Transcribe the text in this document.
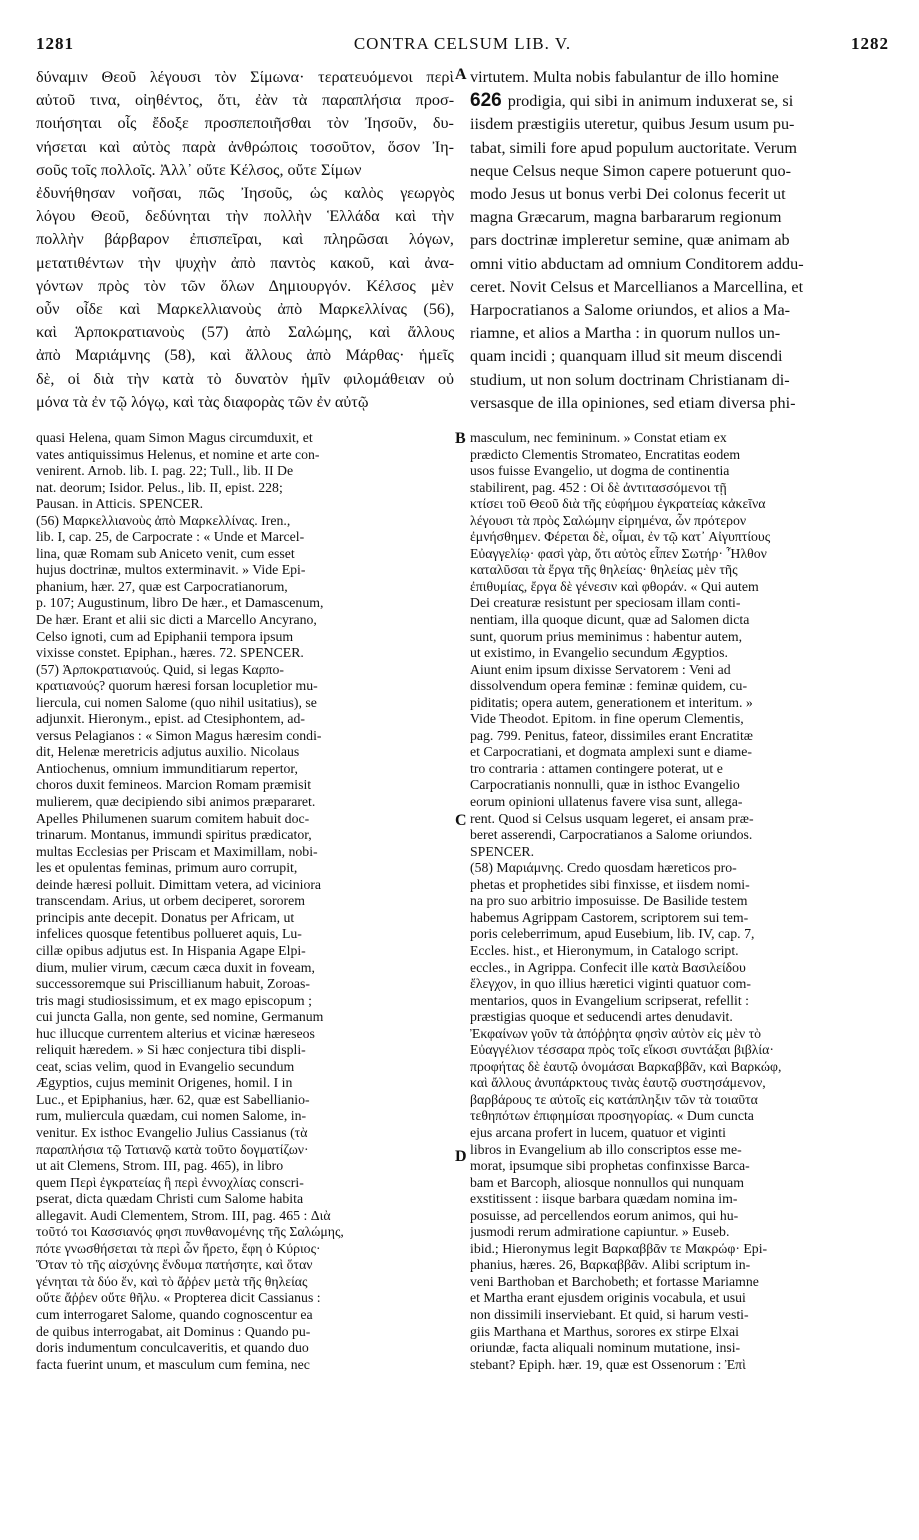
1281	CONTRA CELSUM LIB. V.	1282
δύναμιν Θεοῦ λέγουσι τὸν Σίμωνα· τερατευόμενοι περὶ
αὐτοῦ τινα, οἰηθέντος, ὅτι, ἐὰν τὰ παραπλήσια προσ-
ποιήσηται οἷς ἔδοξε προσπεποιῆσθαι τὸν Ἰησοῦν, δυ-
νήσεται καὶ αὐτὸς παρὰ ἀνθρώποις τοσοῦτον, ὅσον Ἰη-
σοῦς τοῖς πολλοῖς. Ἀλλ᾽ οὔτε Κέλσος, οὔτε Σίμων
ἐδυνήθησαν νοῆσαι, πῶς Ἰησοῦς, ὡς καλὸς γεωργὸς
λόγου Θεοῦ, δεδύνηται τὴν πολλὴν Ἑλλάδα καὶ τὴν
πολλὴν βάρβαρον ἐπισπεῖραι, καὶ πληρῶσαι λόγων,
μετατιθέντων τὴν ψυχὴν ἀπὸ παντὸς κακοῦ, καὶ ἀνα-
γόντων πρὸς τὸν τῶν ὅλων Δημιουργόν. Κέλσος μὲν
οὖν οἶδε καὶ Μαρκελλιανοὺς ἀπὸ Μαρκελλίνας (56),
καὶ Ἁρποκρατιανοὺς (57) ἀπὸ Σαλώμης, καὶ ἄλλους
ἀπὸ Μαριάμνης (58), καὶ ἄλλους ἀπὸ Μάρθας· ἡμεῖς
δὲ, οἱ διὰ τὴν κατὰ τὸ δυνατὸν ἡμῖν φιλομάθειαν οὐ
μόνα τὰ ἐν τῷ λόγῳ, καὶ τὰς διαφορὰς τῶν ἐν αὐτῷ
virtutem. Multa nobis fabulantur de illo homine
626 prodigia, qui sibi in animum induxerat se, si
iisdem præstigiis uteretur, quibus Jesum usum pu-
tabat, simili fore apud populum auctoritate. Verum
neque Celsus neque Simon capere potuerunt quo-
modo Jesus ut bonus verbi Dei colonus fecerit ut
magna Græcarum, magna barbararum regionum
pars doctrinæ impleretur semine, quæ animam ab
omni vitio abductam ad omnium Conditorem addu-
ceret. Novit Celsus et Marcellianos a Marcellina, et
Harpocratianos a Salome oriundos, et alios a Ma-
riamne, et alios a Martha : in quorum nullos un-
quam incidi ; quanquam illud sit meum discendi
studium, ut non solum doctrinam Christianam di-
versasque de illa opiniones, sed etiam diversa phi-
quasi Helena, quam Simon Magus circumduxit, et
vates antiquissimus Helenus, et nomine et arte con-
venirent. Arnob. lib. I. pag. 22; Tull., lib. II De
nat. deorum; Isidor. Pelus., lib. II, epist. 228;
Pausan. in Atticis. SPENCER.
(56) Μαρκελλιανοὺς ἀπὸ Μαρκελλίνας. Iren.,
lib. I, cap. 25, de Carpocrate : « Unde et Marcel-
lina, quæ Romam sub Aniceto venit, cum esset
hujus doctrinæ, multos exterminavit. » Vide Epi-
phanium, hær. 27, quæ est Carpocratianorum,
p. 107; Augustinum, libro De hær., et Damascenum,
De hær. Erant et alii sic dicti a Marcello Ancyrano,
Celso ignoti, cum ad Epiphanii tempora ipsum
vixisse constet. Epiphan., hæres. 72. SPENCER.
(57) Ἁρποκρατιανούς. Quid, si legas Καρπο-
κρατιανούς? quorum hæresi forsan locupletior mu-
liercula, cui nomen Salome (quo nihil usitatius), se
adjunxit. Hieronym., epist. ad Ctesiphontem, ad-
versus Pelagianos : « Simon Magus hæresim condi-
dit, Helenæ meretricis adjutus auxilio. Nicolaus
Antiochenus, omnium immunditiarum repertor,
choros duxit femineos. Marcion Romam præmisit
mulierem, quæ decipiendo sibi animos præpararet.
Apelles Philumenen suarum comitem habuit doc-
trinarum. Montanus, immundi spiritus prædicator,
multas Ecclesias per Priscam et Maximillam, nobi-
les et opulentas feminas, primum auro corrupit,
deinde hæresi polluit. Dimittam vetera, ad viciniora
transcendam. Arius, ut orbem deciperet, sororem
principis ante decepit. Donatus per Africam, ut
infelices quosque fetentibus pollueret aquis, Lu-
cillæ opibus adjutus est. In Hispania Agape Elpi-
dium, mulier virum, cæcum cæca duxit in foveam,
successoremque sui Priscillianum habuit, Zoroas-
tris magi studiosissimum, et ex mago episcopum ;
cui juncta Galla, non gente, sed nomine, Germanum
huc illucque currentem alterius et vicinæ hæreseos
reliquit hæredem. » Si hæc conjectura tibi displi-
ceat, scias velim, quod in Evangelio secundum
Ægyptios, cujus meminit Origenes, homil. I in
Luc., et Epiphanius, hær. 62, quæ est Sabellianio-
rum, muliercula quædam, cui nomen Salome, in-
venitur. Ex isthoc Evangelio Julius Cassianus (τὰ
παραπλήσια τῷ Τατιανῷ κατὰ τοῦτο δογματίζων·
ut ait Clemens, Strom. III, pag. 465), in libro
quem Περὶ ἐγκρατείας ἢ περὶ ἐννοχλίας conscri-
pserat, dicta quædam Christi cum Salome habita
allegavit. Audi Clementem, Strom. III, pag. 465 : Διὰ
τοῦτό τοι Κασσιανός φησι πυνθανομένης τῆς Σαλώμης,
πότε γνωσθήσεται τὰ περὶ ὧν ἤρετο, ἔφη ὁ Κύριος·
Ὅταν τὸ τῆς αἰσχύνης ἔνδυμα πατήσητε, καὶ ὅταν
γένηται τὰ δύο ἕν, καὶ τὸ ἄῤῥεν μετὰ τῆς θηλείας
οὔτε ἄῤῥεν οὔτε θῆλυ. « Propterea dicit Cassianus :
cum interrogaret Salome, quando cognoscentur ea
de quibus interrogabat, ait Dominus : Quando pu-
doris indumentum conculcaveritis, et quando duo
facta fuerint unum, et masculum cum femina, nec
masculum, nec femininum. » Constat etiam ex
prædicto Clementis Stromateo, Encratitas eodem
usos fuisse Evangelio, ut dogma de continentia
stabilirent, pag. 452 : Οἱ δὲ ἀντιτασσόμενοι τῇ
κτίσει τοῦ Θεοῦ διὰ τῆς εὐφήμου ἐγκρατείας κἀκεῖνα
λέγουσι τὰ πρὸς Σαλώμην εἰρημένα, ὧν πρότερον
ἐμνήσθημεν. Φέρεται δὲ, οἶμαι, ἐν τῷ κατ᾽ Αἰγυπτίους
Εὐαγγελίῳ· φασὶ γὰρ, ὅτι αὐτὸς εἶπεν Σωτήρ· Ἦλθον
καταλῦσαι τὰ ἔργα τῆς θηλείας· θηλείας μὲν τῆς
ἐπιθυμίας, ἔργα δὲ γένεσιν καὶ φθοράν. « Qui autem
Dei creaturæ resistunt per speciosam illam conti-
nentiam, illa quoque dicunt, quæ ad Salomen dicta
sunt, quorum prius meminimus : habentur autem,
ut existimo, in Evangelio secundum Ægyptios.
Aiunt enim ipsum dixisse Servatorem : Veni ad
dissolvendum opera feminæ : feminæ quidem, cu-
piditatis; opera autem, generationem et interitum. »
Vide Theodot. Epitom. in fine operum Clementis,
pag. 799. Penitus, fateor, dissimiles erant Encratitæ
et Carpocratiani, et dogmata amplexi sunt e diame-
tro contraria : attamen contingere poterat, ut e
Carpocratianis nonnulli, quæ in isthoc Evangelio
eorum opinioni ullatenus favere visa sunt, allega-
rent. Quod si Celsus usquam legeret, ei ansam præ-
beret asserendi, Carpocratianos a Salome oriundos.
SPENCER.
(58) Μαριάμνης. Credo quosdam hæreticos pro-
phetas et prophetides sibi finxisse, et iisdem nomi-
na pro suo arbitrio imposuisse. De Basilide testem
habemus Agrippam Castorem, scriptorem sui tem-
poris celeberrimum, apud Eusebium, lib. IV, cap. 7,
Eccles. hist., et Hieronymum, in Catalogo script.
eccles., in Agrippa. Confecit ille κατὰ Βασιλείδου
ἔλεγχον, in quo illius hæretici viginti quatuor com-
mentarios, quos in Evangelium scripserat, refellit :
præstigias quoque et seducendi artes denudavit.
Ἐκφαίνων γοῦν τὰ ἀπόῤῥητα φησὶν αὐτὸν εἰς μὲν τὸ
Εὐαγγέλιον τέσσαρα πρὸς τοῖς εἴκοσι συντάξαι βιβλία·
προφήτας δὲ ἑαυτῷ ὀνομάσαι Βαρκαββᾶν, καὶ Βαρκώφ,
καὶ ἄλλους ἀνυπάρκτους τινὰς ἑαυτῷ συστησάμενον,
βαρβάρους τε αὐτοῖς εἰς κατάπληξιν τῶν τὰ τοιαῦτα
τεθηπότων ἐπιφημίσαι προσηγορίας. « Dum cuncta
ejus arcana profert in lucem, quatuor et viginti
libros in Evangelium ab illo conscriptos esse me-
morat, ipsumque sibi prophetas confinxisse Barca-
bam et Barcoph, aliosque nonnullos qui nunquam
exstitissent : iisque barbara quædam nomina im-
posuisse, ad percellendos eorum animos, qui hu-
jusmodi rerum admiratione capiuntur. » Euseb.
ibid.; Hieronymus legit Βαρκαββᾶν τε Μακρώφ· Epi-
phanius, hæres. 26, Βαρκαββᾶν. Alibi scriptum in-
veni Barthoban et Barchobeth; et fortasse Mariamne
et Martha erant ejusdem originis vocabula, et usui
non dissimili inserviebant. Et quid, si harum vesti-
giis Marthana et Marthus, sorores ex stirpe Elxai
oriundæ, facta aliquali nominum mutatione, insi-
stebant? Epiph. hær. 19, quæ est Ossenorum : Ἐπὶ
A
B
C
D
